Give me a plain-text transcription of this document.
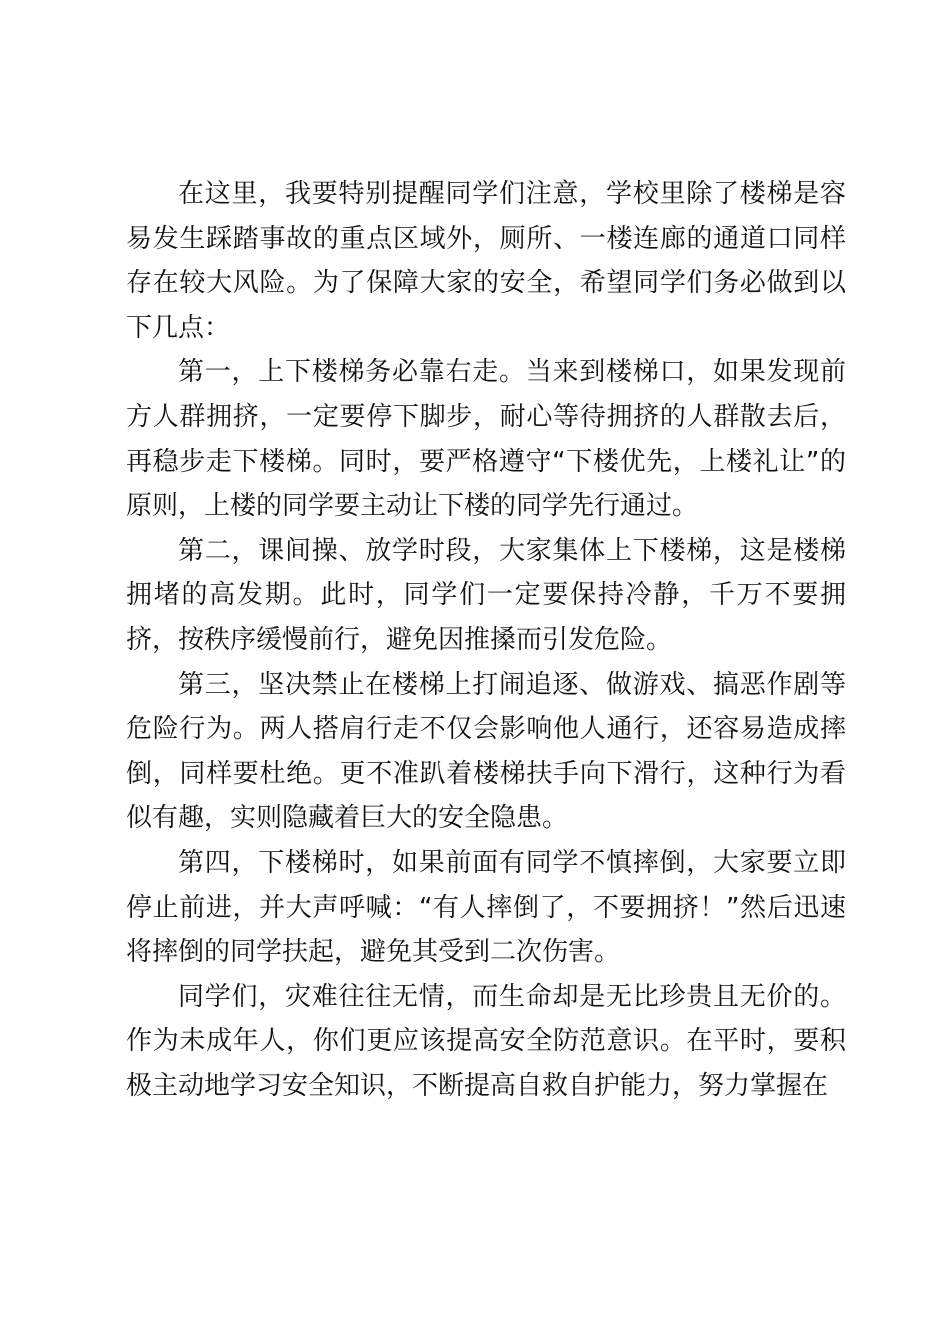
在这里，我要特别提醒同学们注意，学校里除了楼梯是容易发生踩踏事故的重点区域外，厕所、一楼连廊的通道口同样存在较大风险。为了保障大家的安全，希望同学们务必做到以下几点：

第一，上下楼梯务必靠右走。当来到楼梯口，如果发现前方人群拥挤，一定要停下脚步，耐心等待拥挤的人群散去后，再稳步走下楼梯。同时，要严格遵守“下楼优先，上楼礼让”的原则，上楼的同学要主动让下楼的同学先行通过。

第二，课间操、放学时段，大家集体上下楼梯，这是楼梯拥堵的高发期。此时，同学们一定要保持冷静，千万不要拥挤，按秩序缓慢前行，避免因推搡而引发危险。

第三，坚决禁止在楼梯上打闹追逐、做游戏、搞恶作剧等危险行为。两人搭肩行走不仅会影响他人通行，还容易造成摔倒，同样要杜绝。更不准趴着楼梯扶手向下滑行，这种行为看似有趣，实则隐藏着巨大的安全隐患。

第四，下楼梯时，如果前面有同学不慎摔倒，大家要立即停止前进，并大声呼喊：“有人摔倒了，不要拥挤！”然后迅速将摔倒的同学扶起，避免其受到二次伤害。

同学们，灾难往往无情，而生命却是无比珍贵且无价的。作为未成年人，你们更应该提高安全防范意识。在平时，要积极主动地学习安全知识，不断提高自救自护能力，努力掌握在
